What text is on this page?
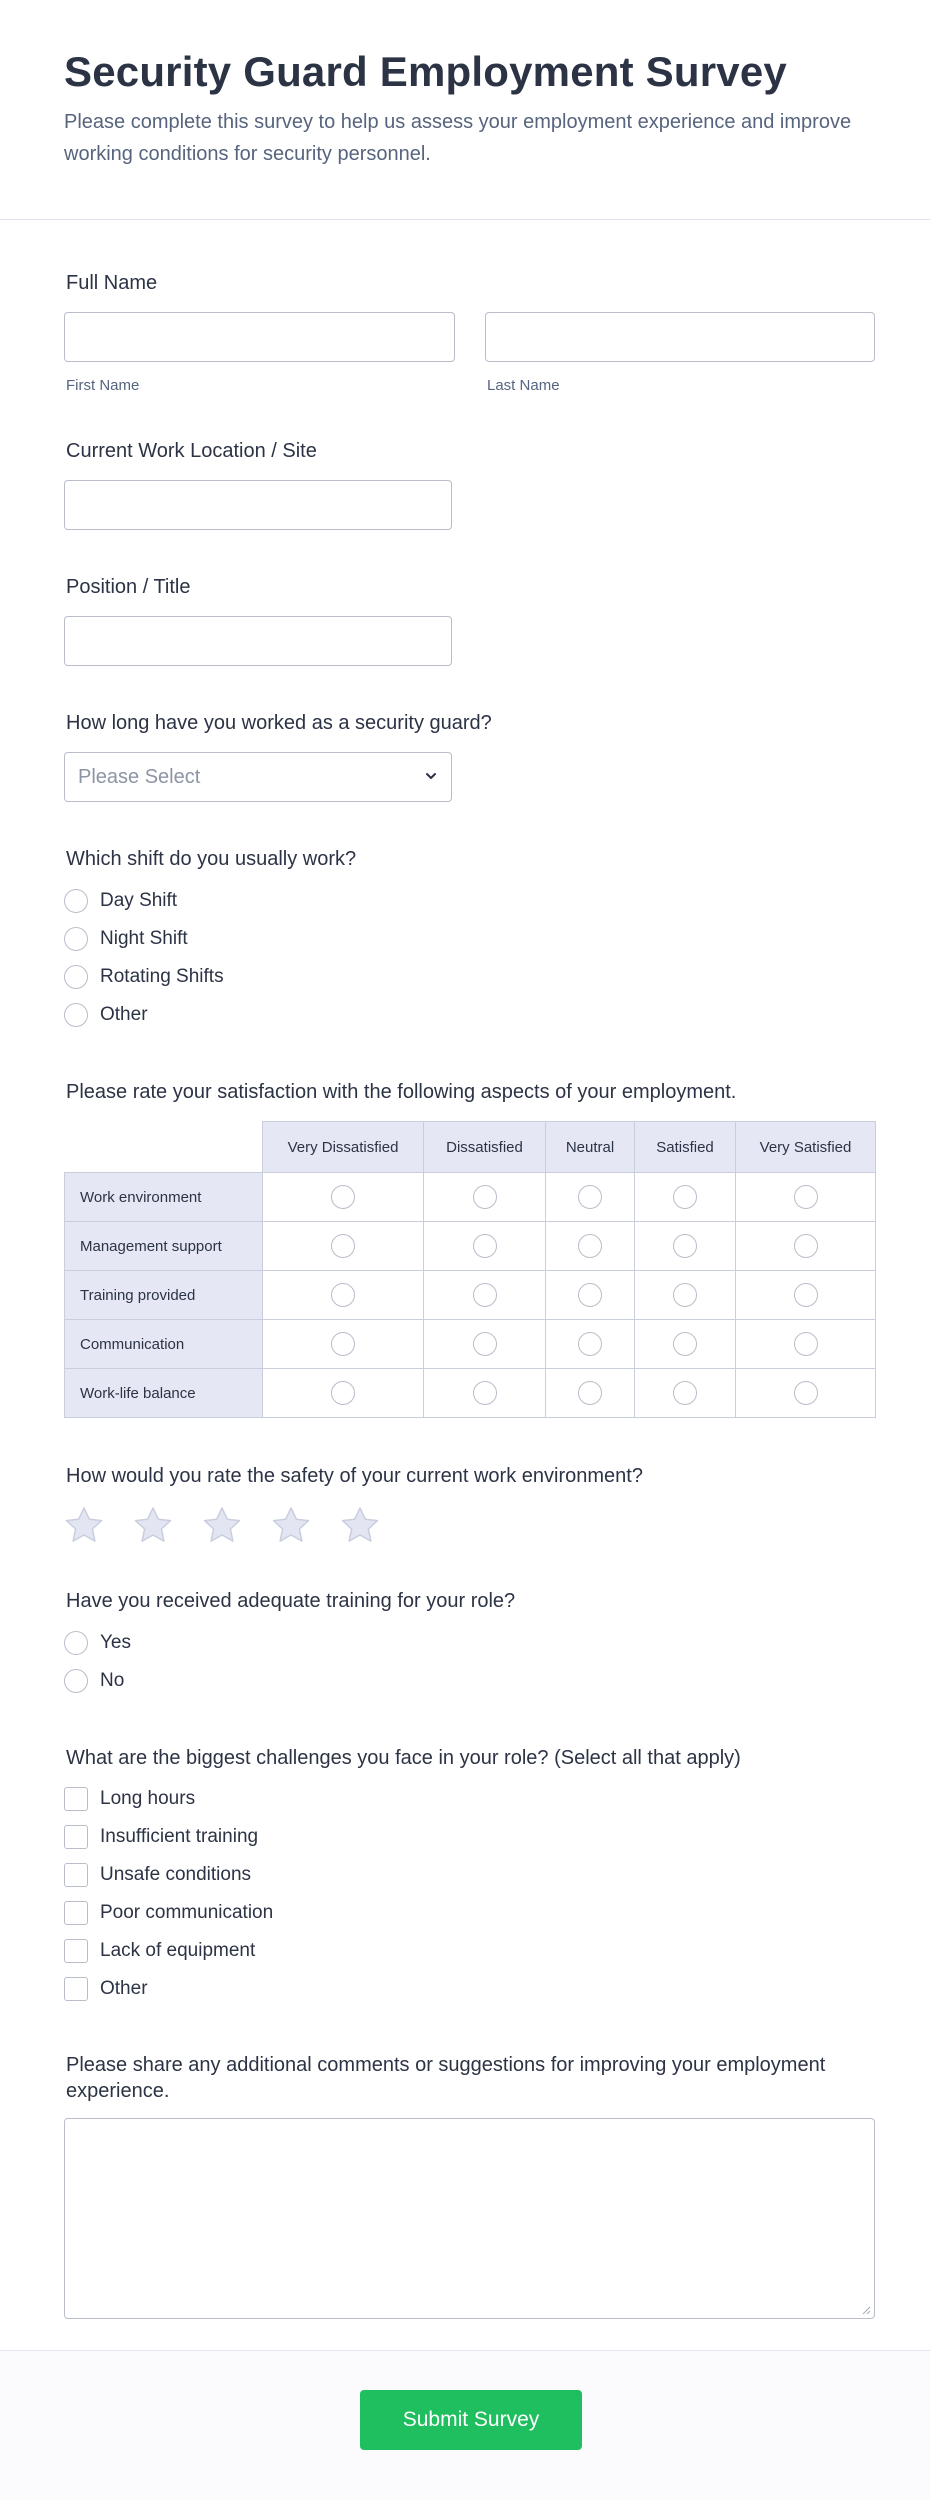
Security Guard Employment Survey

Please complete this survey to help us assess your employment experience and improve working conditions for security personnel.

Full Name
First Name	Last Name
Current Work Location / Site
Position / Title
How long have you worked as a security guard?
Please Select
Which shift do you usually work?
Day Shift
Night Shift
Rotating Shifts
Other
Please rate your satisfaction with the following aspects of your employment.
	Very Dissatisfied	Dissatisfied	Neutral	Satisfied	Very Satisfied
Work environment					
Management support					
Training provided					
Communication					
Work-life balance					
How would you rate the safety of your current work environment?
Have you received adequate training for your role?
Yes
No
What are the biggest challenges you face in your role? (Select all that apply)
Long hours
Insufficient training
Unsafe conditions
Poor communication
Lack of equipment
Other
Please share any additional comments or suggestions for improving your employment experience.
Submit Survey
